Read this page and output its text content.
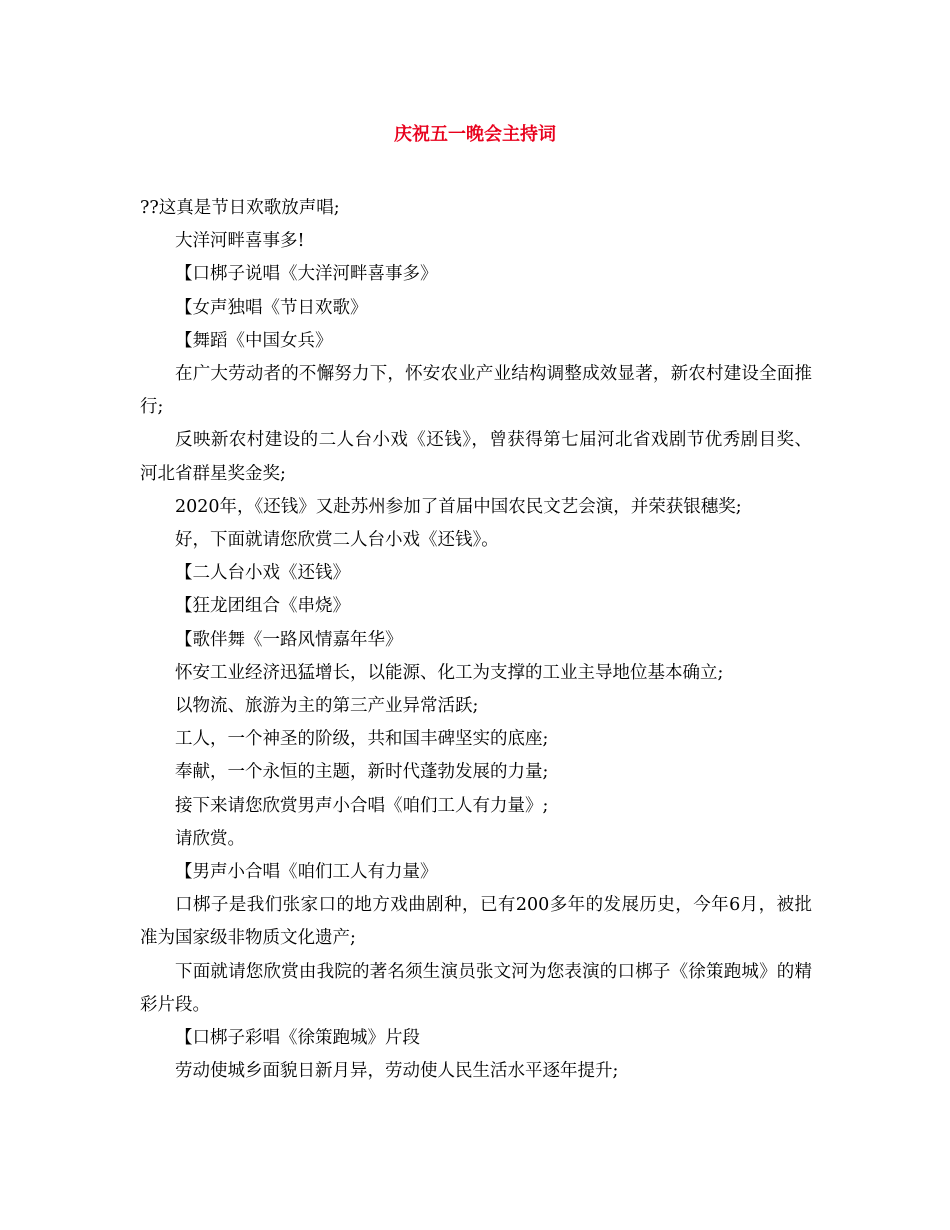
庆祝五一晚会主持词

??这真是节日欢歌放声唱;

大洋河畔喜事多!

【口梆子说唱《大洋河畔喜事多》

【女声独唱《节日欢歌》

【舞蹈《中国女兵》

在广大劳动者的不懈努力下，怀安农业产业结构调整成效显著，新农村建设全面推行;

反映新农村建设的二人台小戏《还钱》，曾获得第七届河北省戏剧节优秀剧目奖、河北省群星奖金奖;

2020年，《还钱》又赴苏州参加了首届中国农民文艺会演，并荣获银穗奖;

好，下面就请您欣赏二人台小戏《还钱》。

【二人台小戏《还钱》

【狂龙团组合《串烧》

【歌伴舞《一路风情嘉年华》

怀安工业经济迅猛增长，以能源、化工为支撑的工业主导地位基本确立;

以物流、旅游为主的第三产业异常活跃;

工人，一个神圣的阶级，共和国丰碑坚实的底座;

奉献，一个永恒的主题，新时代蓬勃发展的力量;

接下来请您欣赏男声小合唱《咱们工人有力量》;

请欣赏。

【男声小合唱《咱们工人有力量》

口梆子是我们张家口的地方戏曲剧种，已有200多年的发展历史，今年6月，被批准为国家级非物质文化遗产;

下面就请您欣赏由我院的著名须生演员张文河为您表演的口梆子《徐策跑城》的精彩片段。

【口梆子彩唱《徐策跑城》片段

劳动使城乡面貌日新月异，劳动使人民生活水平逐年提升;
